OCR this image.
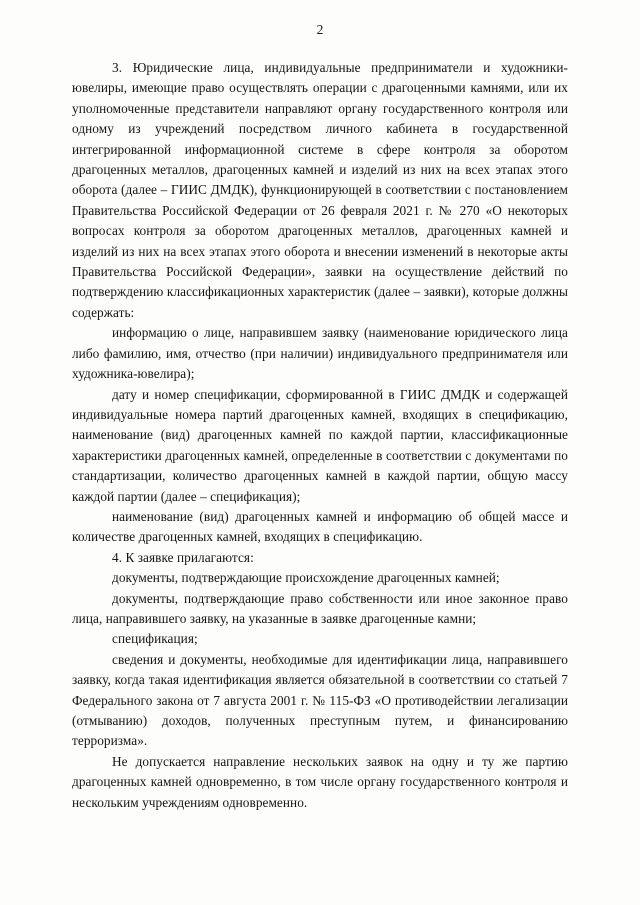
2

3. Юридические лица, индивидуальные предприниматели и художники-ювелиры, имеющие право осуществлять операции с драгоценными камнями, или их уполномоченные представители направляют органу государственного контроля или одному из учреждений посредством личного кабинета в государственной интегрированной информационной системе в сфере контроля за оборотом драгоценных металлов, драгоценных камней и изделий из них на всех этапах этого оборота (далее – ГИИС ДМДК), функционирующей в соответствии с постановлением Правительства Российской Федерации от 26 февраля 2021 г. № 270 «О некоторых вопросах контроля за оборотом драгоценных металлов, драгоценных камней и изделий из них на всех этапах этого оборота и внесении изменений в некоторые акты Правительства Российской Федерации», заявки на осуществление действий по подтверждению классификационных характеристик (далее – заявки), которые должны содержать:

информацию о лице, направившем заявку (наименование юридического лица либо фамилию, имя, отчество (при наличии) индивидуального предпринимателя или художника-ювелира);

дату и номер спецификации, сформированной в ГИИС ДМДК и содержащей индивидуальные номера партий драгоценных камней, входящих в спецификацию, наименование (вид) драгоценных камней по каждой партии, классификационные характеристики драгоценных камней, определенные в соответствии с документами по стандартизации, количество драгоценных камней в каждой партии, общую массу каждой партии (далее – спецификация);

наименование (вид) драгоценных камней и информацию об общей массе и количестве драгоценных камней, входящих в спецификацию.

4. К заявке прилагаются:

документы, подтверждающие происхождение драгоценных камней;

документы, подтверждающие право собственности или иное законное право лица, направившего заявку, на указанные в заявке драгоценные камни;

спецификация;

сведения и документы, необходимые для идентификации лица, направившего заявку, когда такая идентификация является обязательной в соответствии со статьей 7 Федерального закона от 7 августа 2001 г. № 115-ФЗ «О противодействии легализации (отмыванию) доходов, полученных преступным путем, и финансированию терроризма».

Не допускается направление нескольких заявок на одну и ту же партию драгоценных камней одновременно, в том числе органу государственного контроля и нескольким учреждениям одновременно.
